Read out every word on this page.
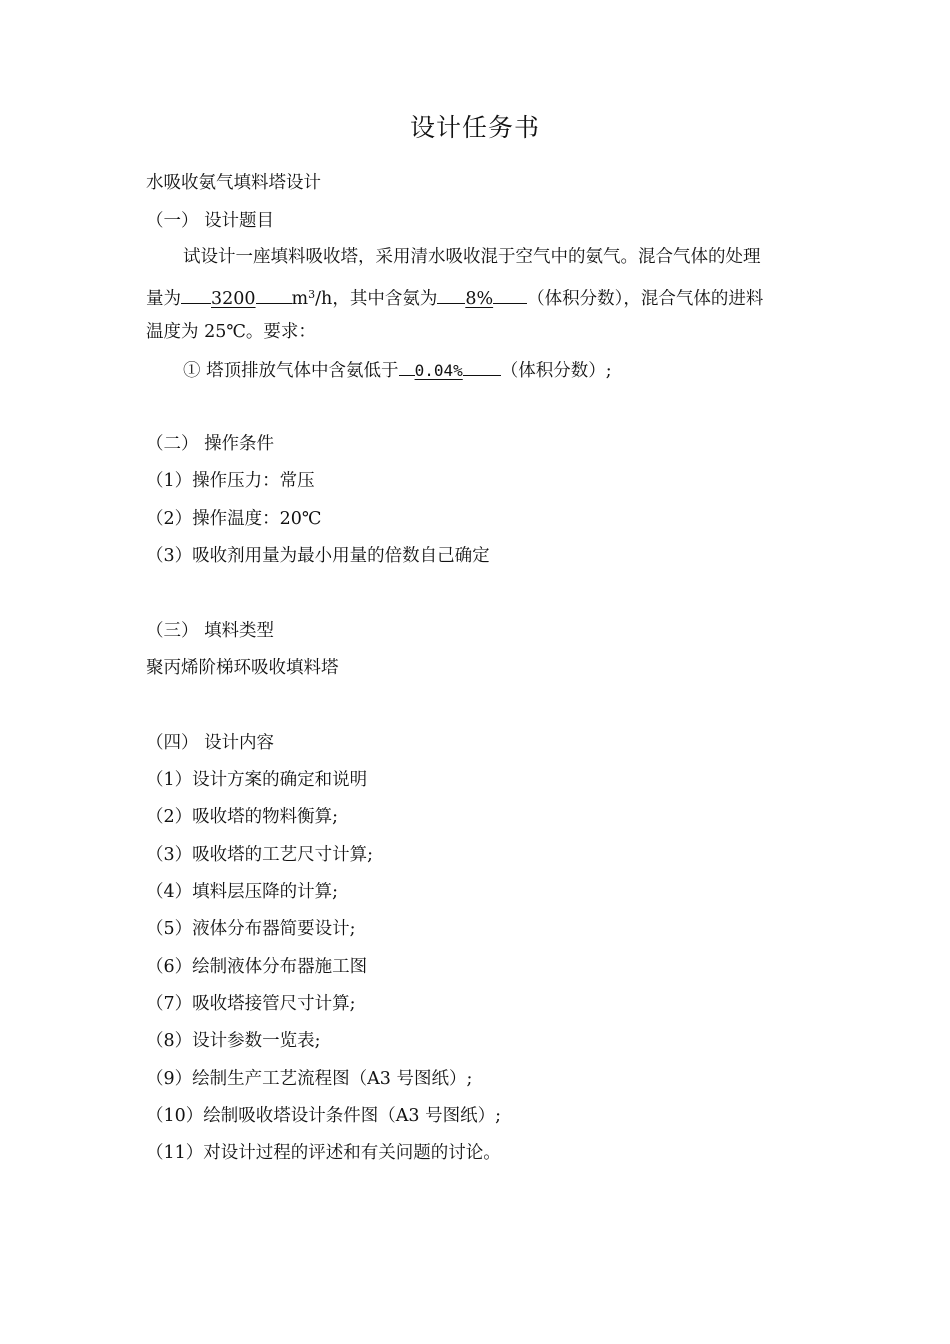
设计任务书
水吸收氨气填料塔设计
（一） 设计题目
试设计一座填料吸收塔，采用清水吸收混于空气中的氨气。混合气体的处理
量为 3200 $m^3/h$，其中含氨为 8% （体积分数），混合气体的进料
温度为 25℃。要求：
① 塔顶排放气体中含氨低于 0.04% （体积分数）;
（二） 操作条件
（1）操作压力：常压
（2）操作温度：20℃
（3）吸收剂用量为最小用量的倍数自己确定
（三） 填料类型
聚丙烯阶梯环吸收填料塔
（四） 设计内容
（1）设计方案的确定和说明
（2）吸收塔的物料衡算;
（3）吸收塔的工艺尺寸计算;
（4）填料层压降的计算;
（5）液体分布器简要设计;
（6）绘制液体分布器施工图
（7）吸收塔接管尺寸计算;
（8）设计参数一览表;
（9）绘制生产工艺流程图（A3 号图纸）;
（10）绘制吸收塔设计条件图（A3 号图纸）;
（11）对设计过程的评述和有关问题的讨论。
